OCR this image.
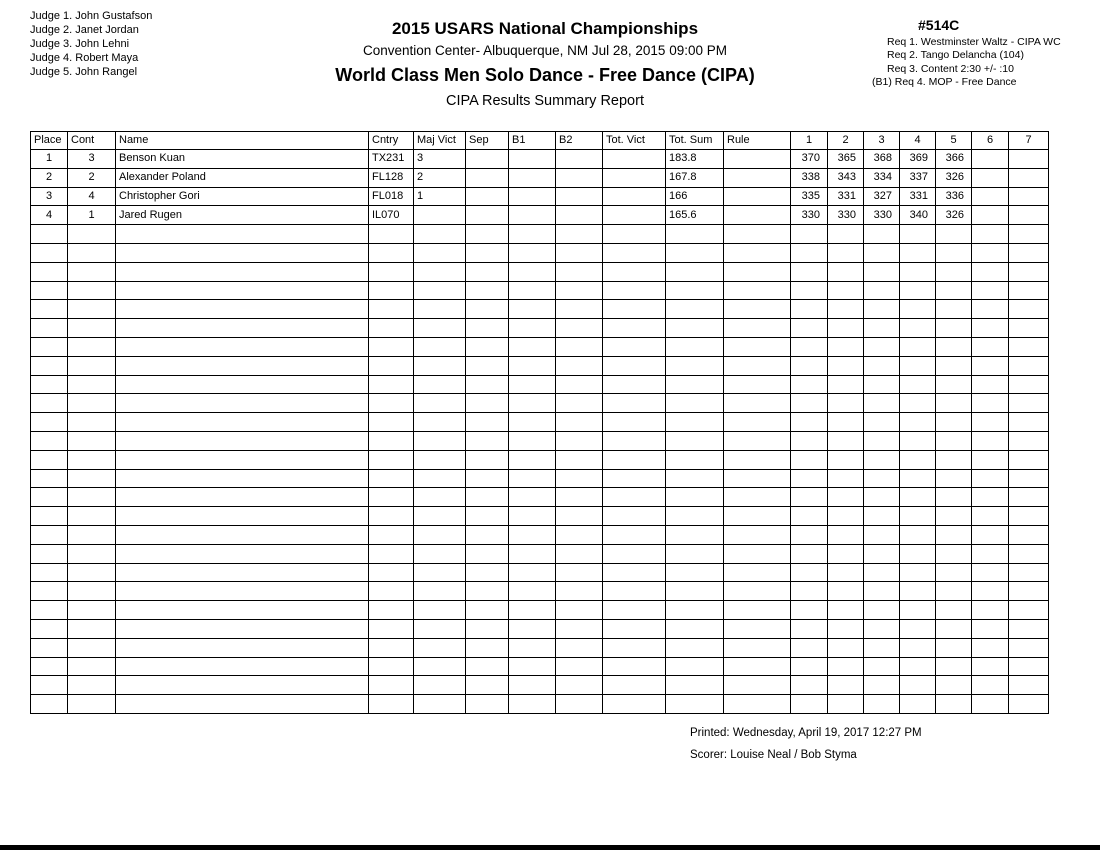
Judge 1. John Gustafson
Judge 2. Janet Jordan
Judge 3. John Lehni
Judge 4. Robert Maya
Judge 5. John Rangel
2015 USARS National Championships
Convention Center- Albuquerque, NM Jul 28, 2015 09:00 PM
World Class Men Solo Dance - Free Dance (CIPA)
CIPA Results Summary Report
#514C
Req 1. Westminster Waltz - CIPA WC
Req 2. Tango Delancha (104)
Req 3. Content 2:30 +/- :10
(B1) Req 4. MOP - Free Dance
Place	Cont	Name	Cntry	Maj Vict	Sep	B1	B2	Tot. Vict	Tot. Sum	Rule	1	2	3	4	5	6	7
1	3	Benson Kuan	TX231	3					183.8		370	365	368	369	366		
2	2	Alexander Poland	FL128	2					167.8		338	343	334	337	326		
3	4	Christopher Gori	FL018	1					166		335	331	327	331	336		
4	1	Jared Rugen	IL070						165.6		330	330	330	340	326		

Printed: Wednesday, April 19, 2017 12:27 PM
Scorer: Louise Neal / Bob Styma
